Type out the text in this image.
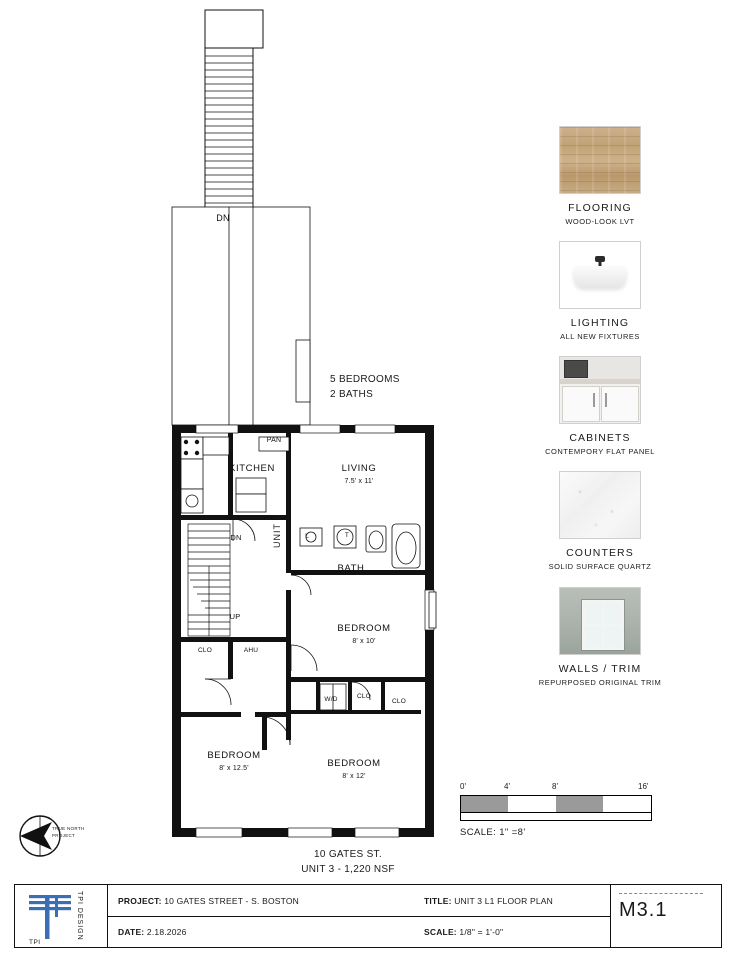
DN
PAN
KITCHEN	LIVING
7.5' x 11'
DN
UP
L	T
BATH
BEDROOM
8' x 10'
CLO	AHU
W/D	CLO
CLO
BEDROOM
8' x 12.5'	BEDROOM
8' x 12'
UNIT 3
5 BEDROOMS
2 BATHS
TRUE NORTH
PROJECT
10 GATES ST.
UNIT 3 - 1,220 NSF
FLOORING
WOOD-LOOK LVT
LIGHTING
ALL NEW FIXTURES
CABINETS
CONTEMPORY FLAT PANEL
COUNTERS
SOLID SURFACE QUARTZ
WALLS / TRIM
REPURPOSED ORIGINAL TRIM
0'	4'	8'	16'
SCALE: 1" =8'
TPI DESIGN
TPI
PROJECT: 10 GATES STREET - S. BOSTON	TITLE: UNIT 3 L1 FLOOR PLAN
DATE: 2.18.2026	SCALE: 1/8" = 1'-0"
M3.1
